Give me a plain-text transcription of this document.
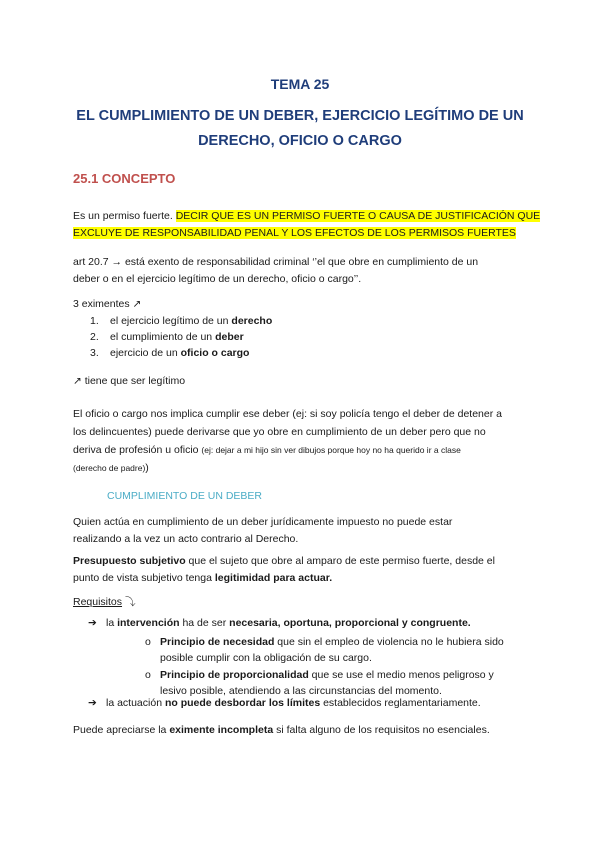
TEMA 25
EL CUMPLIMIENTO DE UN DEBER, EJERCICIO LEGÍTIMO DE UN
DERECHO, OFICIO O CARGO
25.1 CONCEPTO
Es un permiso fuerte. DECIR QUE ES UN PERMISO FUERTE O CAUSA DE JUSTIFICACIÓN QUE
EXCLUYE DE RESPONSABILIDAD PENAL Y LOS EFECTOS DE LOS PERMISOS FUERTES
art 20.7 → está exento de responsabilidad criminal ‘’el que obre en cumplimiento de un
deber o en el ejercicio legítimo de un derecho, oficio o cargo’’.
3 eximentes ↗
1. el ejercicio legítimo de un derecho
2. el cumplimiento de un deber
3. ejercicio de un oficio o cargo
↗ tiene que ser legítimo
El oficio o cargo nos implica cumplir ese deber (ej: si soy policía tengo el deber de detener a
los delincuentes) puede derivarse que yo obre en cumplimiento de un deber pero que no
deriva de profesión u oficio (ej: dejar a mi hijo sin ver dibujos porque hoy no ha querido ir a clase
(derecho de padre))
CUMPLIMIENTO DE UN DEBER
Quien actúa en cumplimiento de un deber jurídicamente impuesto no puede estar
realizando a la vez un acto contrario al Derecho.
Presupuesto subjetivo que el sujeto que obre al amparo de este permiso fuerte, desde el
punto de vista subjetivo tenga legitimidad para actuar.
Requisitos ⤵
➔ la intervención ha de ser necesaria, oportuna, proporcional y congruente.
o Principio de necesidad que sin el empleo de violencia no le hubiera sido
posible cumplir con la obligación de su cargo.
o Principio de proporcionalidad que se use el medio menos peligroso y
lesivo posible, atendiendo a las circunstancias del momento.
➔ la actuación no puede desbordar los límites establecidos reglamentariamente.
Puede apreciarse la eximente incompleta si falta alguno de los requisitos no esenciales.
